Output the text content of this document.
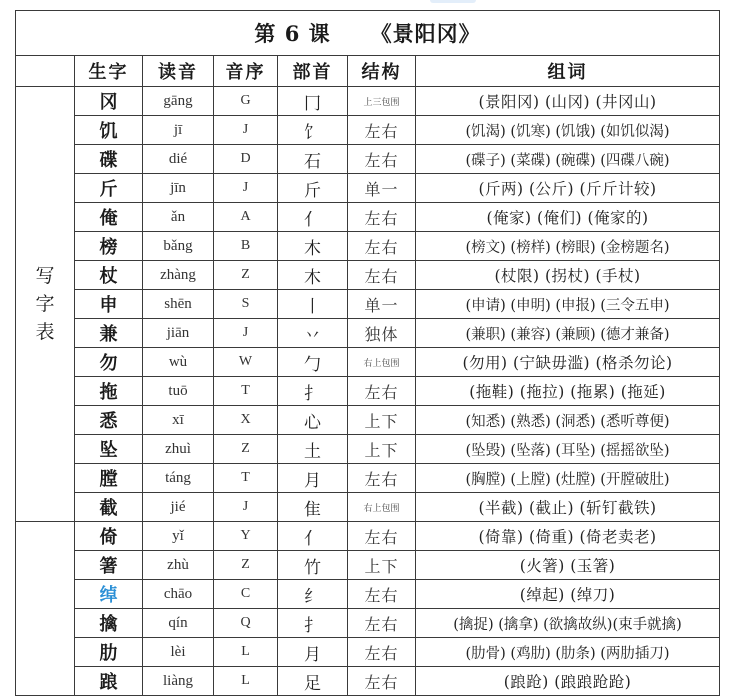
第 6 课 《景阳冈》						
	生字	读音	音序	部首	结构	组词

写
字
表	冈	gāng	G	冂	上三包围	(景阳冈) (山冈) (井冈山)
	饥	jī	J	饣	左右	(饥渴) (饥寒) (饥饿) (如饥似渴)
	碟	dié	D	石	左右	(碟子) (菜碟) (碗碟) (四碟八碗)
	斤	jīn	J	斤	单一	(斤两) (公斤) (斤斤计较)
	俺	ǎn	A	亻	左右	(俺家) (俺们) (俺家的)
	榜	bǎng	B	木	左右	(榜文) (榜样) (榜眼) (金榜题名)
	杖	zhàng	Z	木	左右	(杖限) (拐杖) (手杖)
	申	shēn	S	丨	单一	(申请) (申明) (申报) (三令五申)
	兼	jiān	J	丷	独体	(兼职) (兼容) (兼顾) (德才兼备)
	勿	wù	W	勹	右上包围	(勿用) (宁缺毋滥) (格杀勿论)
	拖	tuō	T	扌	左右	(拖鞋) (拖拉) (拖累) (拖延)
	悉	xī	X	心	上下	(知悉) (熟悉) (洞悉) (悉听尊便)
	坠	zhuì	Z	土	上下	(坠毁) (坠落) (耳坠) (摇摇欲坠)
	膛	táng	T	月	左右	(胸膛) (上膛) (灶膛) (开膛破肚)
	截	jié	J	隹	右上包围	(半截) (截止) (斩钉截铁)
	倚	yǐ	Y	亻	左右	(倚靠) (倚重) (倚老卖老)
	箸	zhù	Z	竹	上下	(火箸) (玉箸)
	绰	chāo	C	纟	左右	(绰起) (绰刀)
	擒	qín	Q	扌	左右	(擒捉) (擒拿) (欲擒故纵)(束手就擒)
	肋	lèi	L	月	左右	(肋骨) (鸡肋) (肋条) (两肋插刀)
	踉	liàng	L	足	左右	(踉跄) (踉踉跄跄)
